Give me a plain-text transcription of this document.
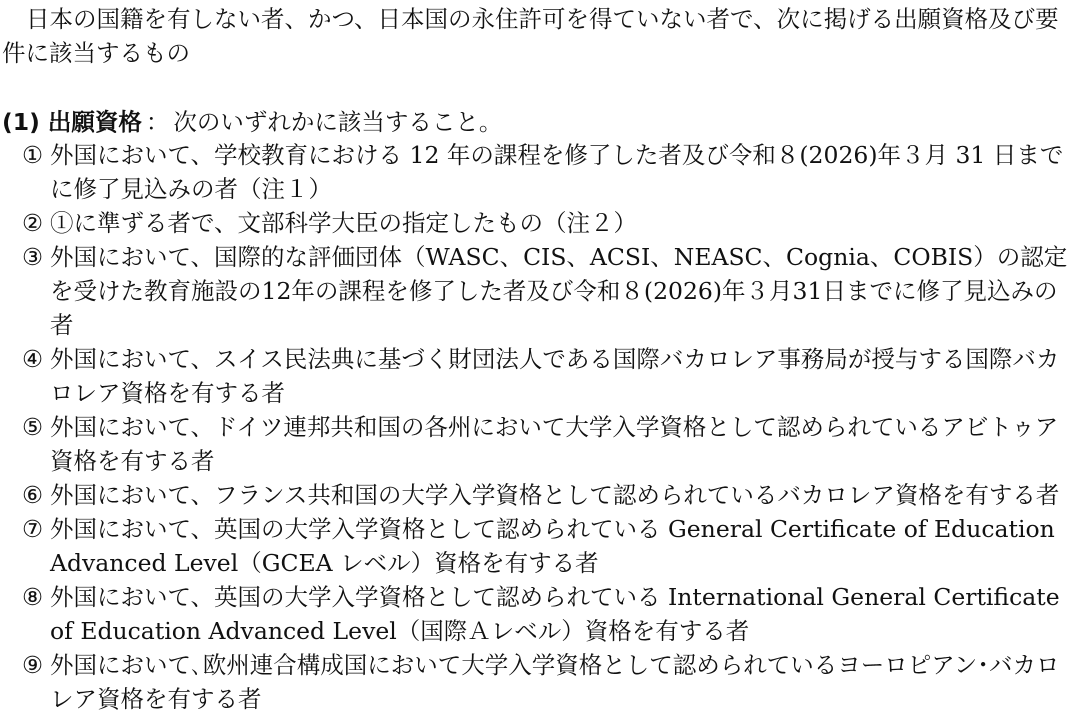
日本の国籍を有しない者、かつ、日本国の永住許可を得ていない者で、次に掲げる出願資格及び要件に該当するもの

(1) 出願資格 ： 次のいずれかに該当すること。

① 外国において、学校教育における 12 年の課程を修了した者及び令和８(2026)年３月 31 日までに修了見込みの者（注１）
② ①に準ずる者で、文部科学大臣の指定したもの（注２）
③ 外国において、国際的な評価団体（WASC、CIS、ACSI、NEASC、Cognia、COBIS）の認定を受けた教育施設の12年の課程を修了した者及び令和８(2026)年３月31日までに修了見込みの者
④ 外国において、スイス民法典に基づく財団法人である国際バカロレア事務局が授与する国際バカロレア資格を有する者
⑤ 外国において、ドイツ連邦共和国の各州において大学入学資格として認められているアビトゥア資格を有する者
⑥ 外国において、フランス共和国の大学入学資格として認められているバカロレア資格を有する者
⑦ 外国において、英国の大学入学資格として認められている General Certificate of Education Advanced Level（GCEA レベル）資格を有する者
⑧ 外国において、英国の大学入学資格として認められている International General Certificate of Education Advanced Level（国際Ａレベル）資格を有する者
⑨ 外国において､欧州連合構成国において大学入学資格として認められているヨーロピアン･バカロレア資格を有する者
